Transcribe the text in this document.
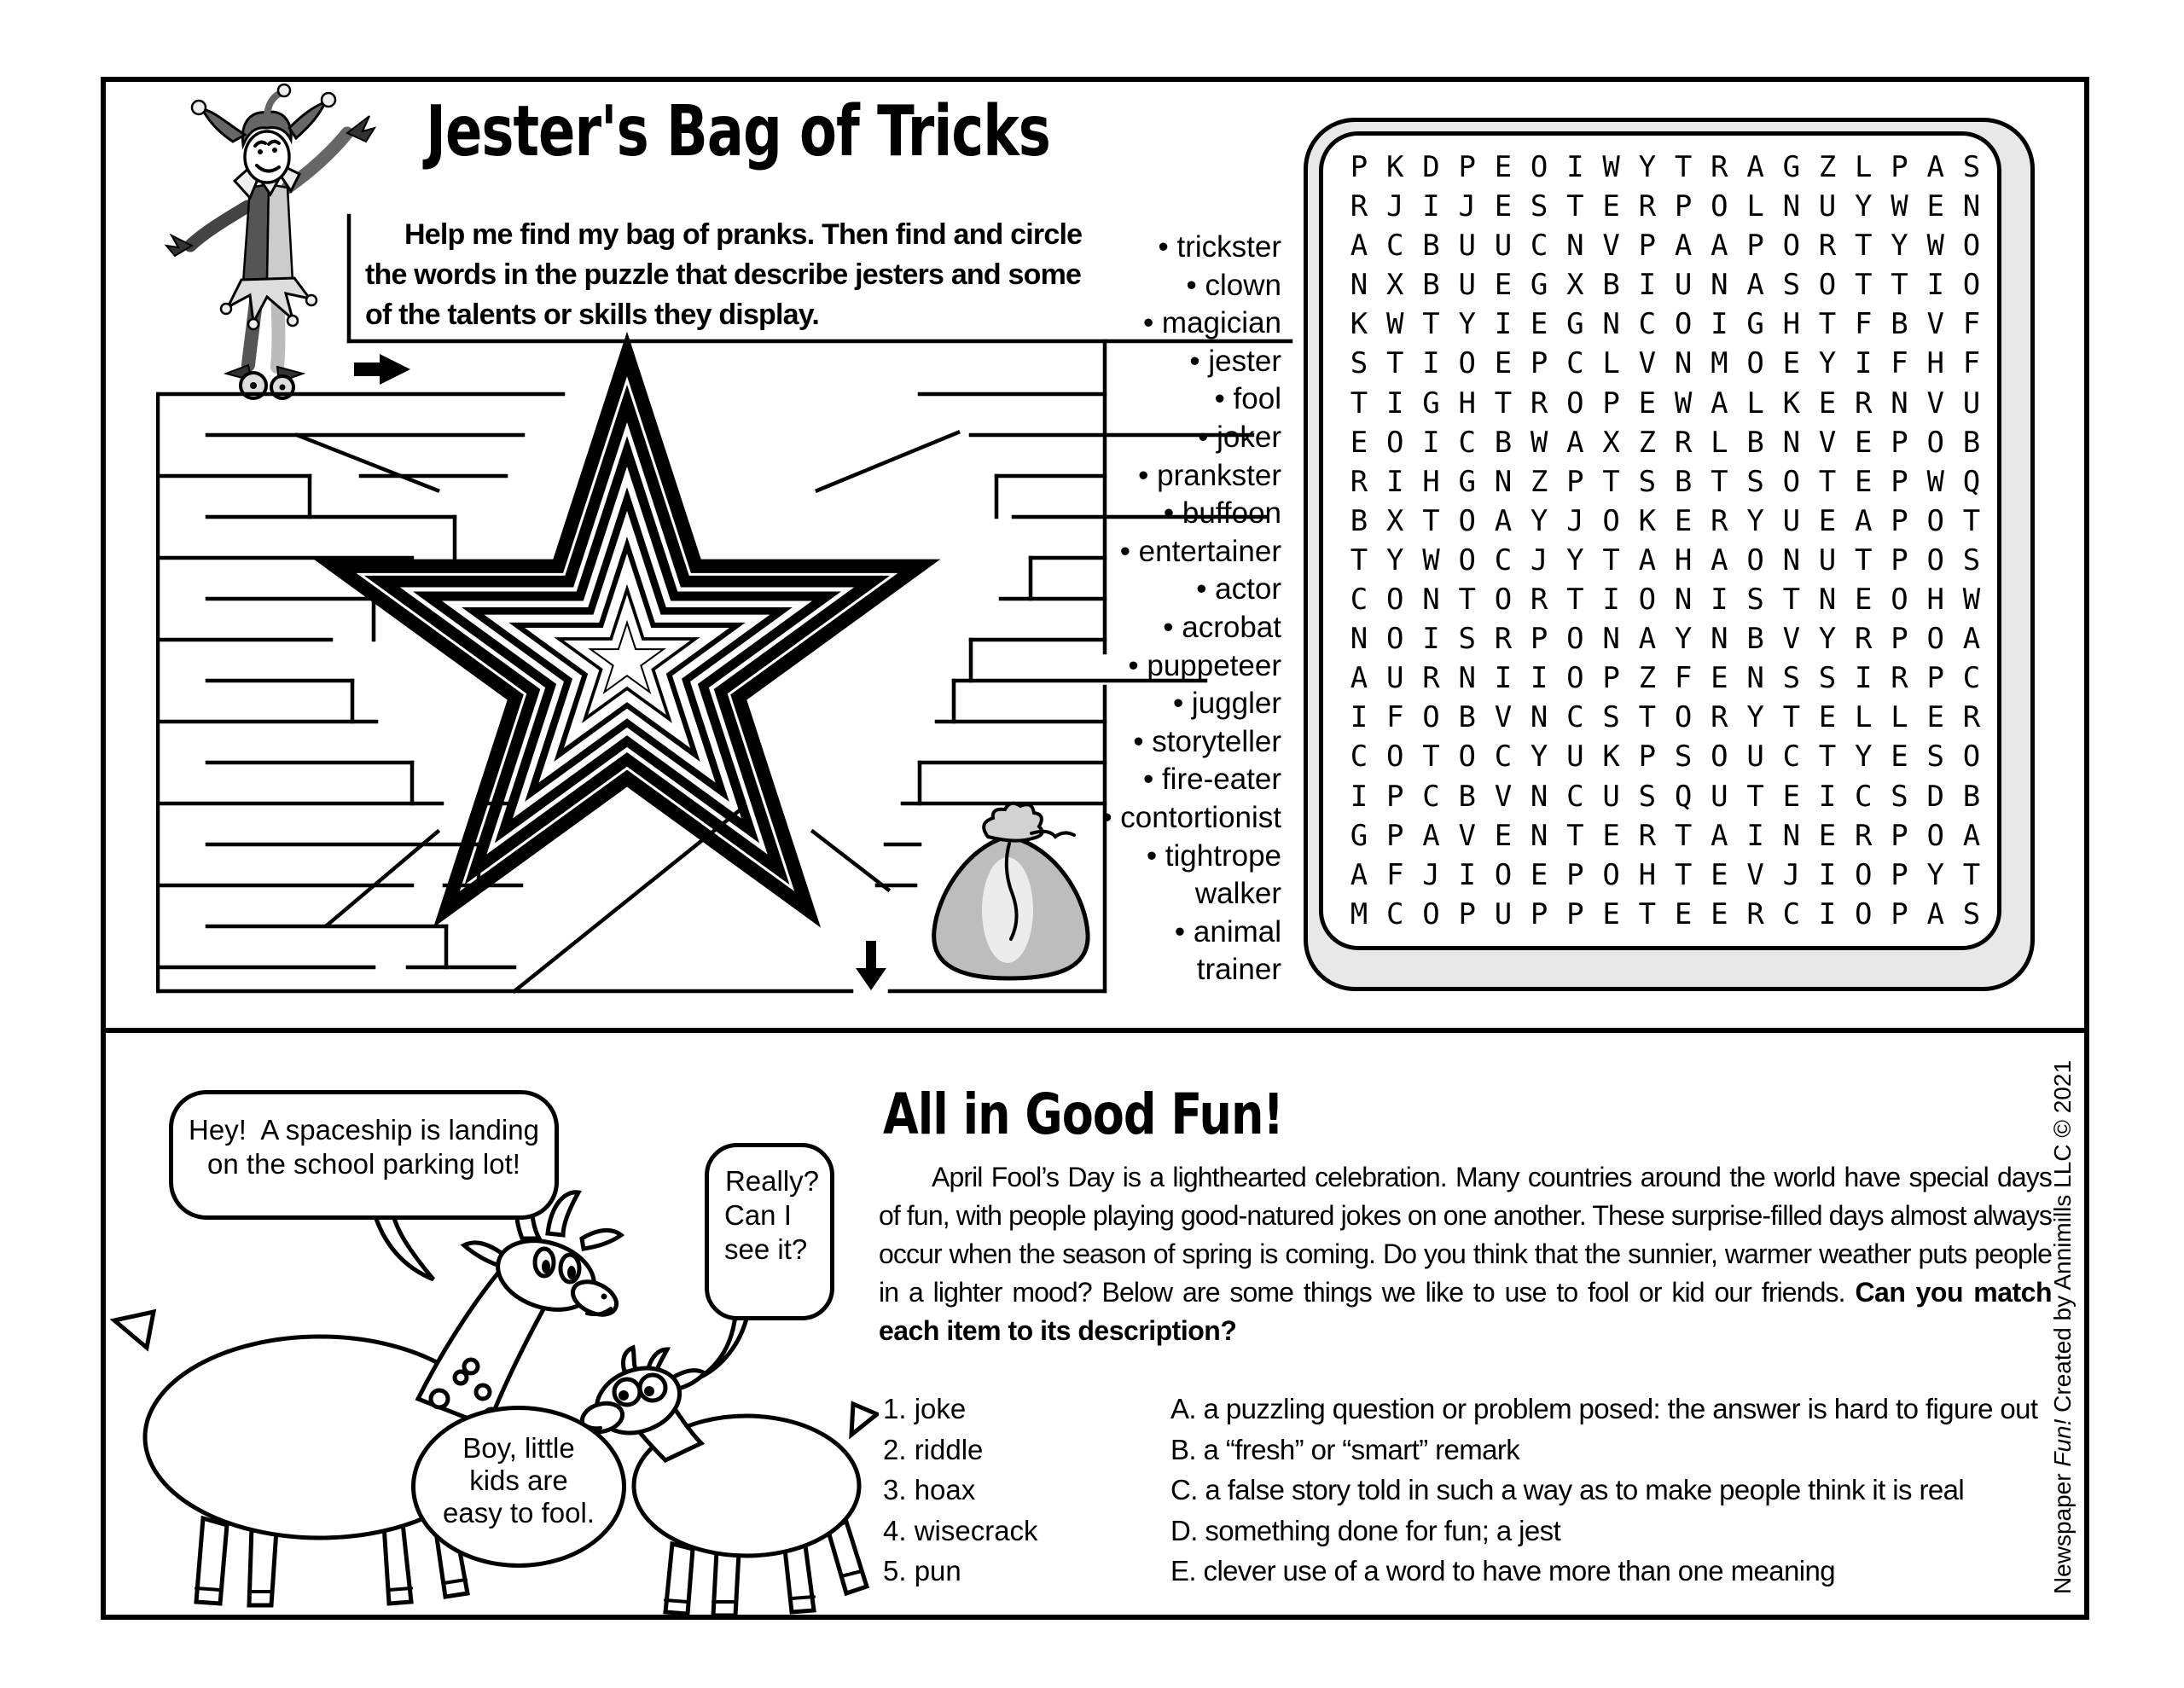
Jester's Bag of Tricks
Help me find my bag of pranks. Then find and circle
the words in the puzzle that describe jesters and some
of the talents or skills they display.
• trickster
• clown
• magician
• jester
• fool
• joker
• prankster
• buffoon
• entertainer
• actor
• acrobat
• puppeteer
• juggler
• storyteller
• fire-eater
• contortionist
• tightrope
walker
• animal
trainer
P K D P E O I W Y T R A G Z L P A S
R J I J E S T E R P O L N U Y W E N
A C B U U C N V P A A P O R T Y W O
N X B U E G X B I U N A S O T T I O
K W T Y I E G N C O I G H T F B V F
S T I O E P C L V N M O E Y I F H F
T I G H T R O P E W A L K E R N V U
E O I C B W A X Z R L B N V E P O B
R I H G N Z P T S B T S O T E P W Q
B X T O A Y J O K E R Y U E A P O T
T Y W O C J Y T A H A O N U T P O S
C O N T O R T I O N I S T N E O H W
N O I S R P O N A Y N B V Y R P O A
A U R N I I O P Z F E N S S I R P C
I F O B V N C S T O R Y T E L L E R
C O T O C Y U K P S O U C T Y E S O
I P C B V N C U S Q U T E I C S D B
G P A V E N T E R T A I N E R P O A
A F J I O E P O H T E V J I O P Y T
M C O P U P P E T E E R C I O P A S
Hey!  A spaceship is landing
on the school parking lot!
Really?
Can I
see it?
Boy, little
kids are
easy to fool.
All in Good Fun!
April Fool’s Day is a lighthearted celebration. Many countries around the world have special days of fun, with people playing good-natured jokes on one another. These surprise-filled days almost always occur when the season of spring is coming. Do you think that the sunnier, warmer weather puts people in a lighter mood? Below are some things we like to use to fool or kid our friends. Can you match each item to its description?
1. joke
2. riddle
3. hoax
4. wisecrack
5. pun
A. a puzzling question or problem posed: the answer is hard to figure out
B. a “fresh” or “smart” remark
C. a false story told in such a way as to make people think it is real
D. something done for fun; a jest
E. clever use of a word to have more than one meaning	Newspaper Fun! Created by Annimills LLC © 2021
